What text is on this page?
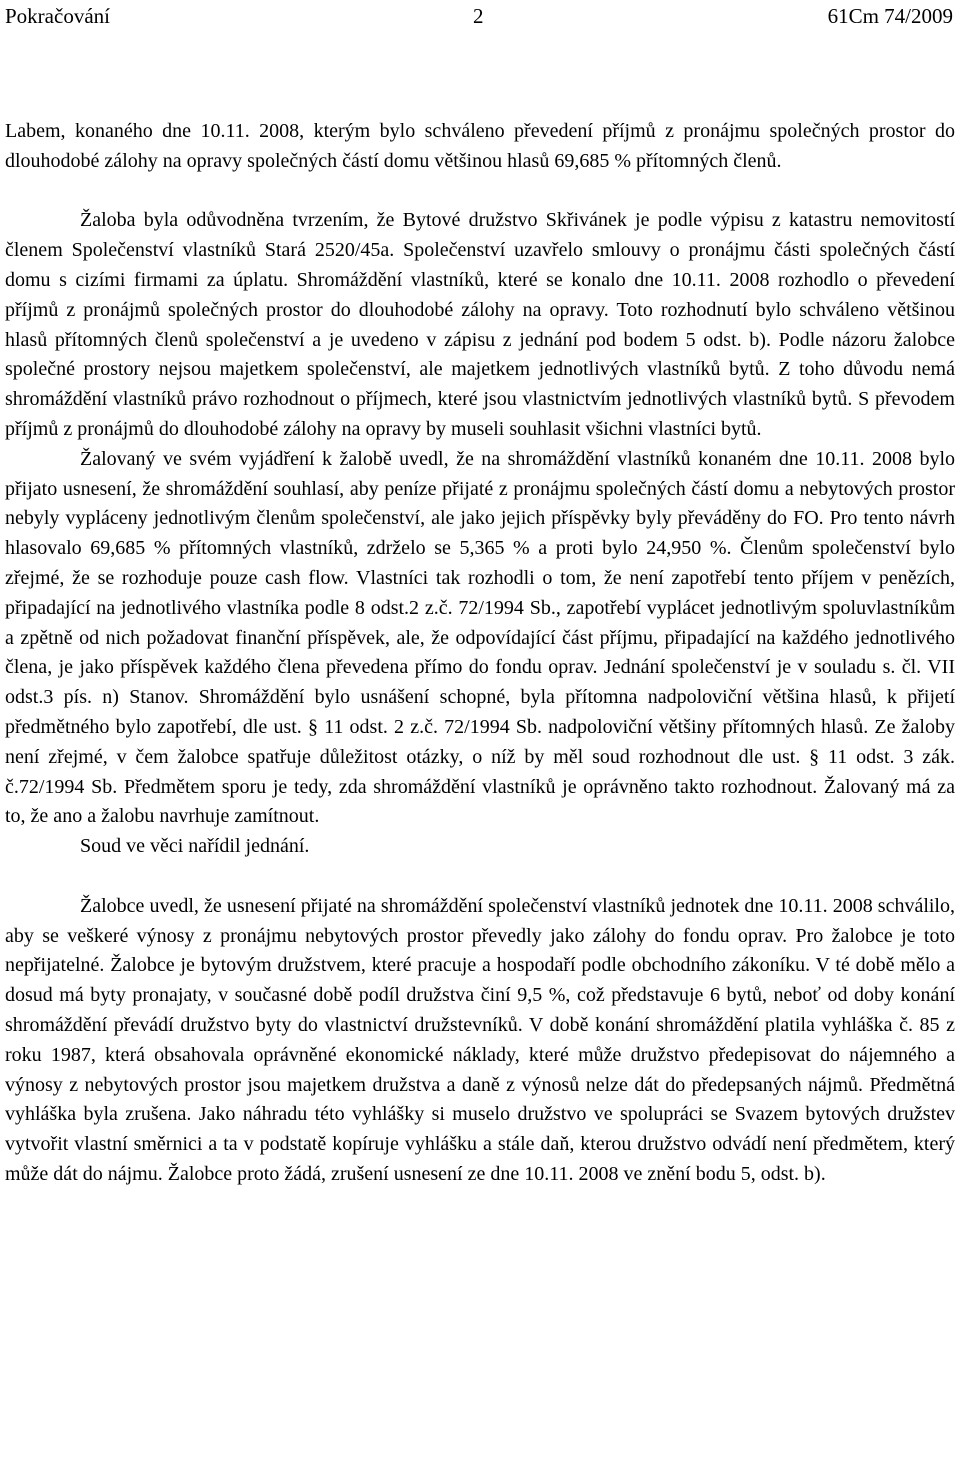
Pokračování	2	61Cm 74/2009

Labem, konaného dne 10.11. 2008, kterým bylo schváleno převedení příjmů z pronájmu společných prostor do dlouhodobé zálohy na opravy společných částí domu většinou hlasů 69,685 % přítomných členů.

Žaloba byla odůvodněna tvrzením, že Bytové družstvo Skřivánek je podle výpisu z katastru nemovitostí členem Společenství vlastníků Stará 2520/45a. Společenství uzavřelo smlouvy o pronájmu části společných částí domu s cizími firmami za úplatu. Shromáždění vlastníků, které se konalo dne 10.11. 2008 rozhodlo o převedení příjmů z pronájmů společných prostor do dlouhodobé zálohy na opravy. Toto rozhodnutí bylo schváleno většinou hlasů přítomných členů společenství a je uvedeno v zápisu z jednání pod bodem 5 odst. b). Podle názoru žalobce společné prostory nejsou majetkem společenství, ale majetkem jednotlivých vlastníků bytů. Z toho důvodu nemá shromáždění vlastníků právo rozhodnout o příjmech, které jsou vlastnictvím jednotlivých vlastníků bytů. S převodem příjmů z pronájmů do dlouhodobé zálohy na opravy by museli souhlasit všichni vlastníci bytů.

Žalovaný ve svém vyjádření k žalobě uvedl, že na shromáždění vlastníků konaném dne 10.11. 2008 bylo přijato usnesení, že shromáždění souhlasí, aby peníze přijaté z pronájmu společných částí domu a nebytových prostor nebyly vypláceny jednotlivým členům společenství, ale jako jejich příspěvky byly převáděny do FO. Pro tento návrh hlasovalo 69,685 % přítomných vlastníků, zdrželo se 5,365 % a proti bylo 24,950 %. Členům společenství bylo zřejmé, že se rozhoduje pouze cash flow. Vlastníci tak rozhodli o tom, že není zapotřebí tento příjem v penězích, připadající na jednotlivého vlastníka podle 8 odst.2 z.č. 72/1994 Sb., zapotřebí vyplácet jednotlivým spoluvlastníkům a zpětně od nich požadovat finanční příspěvek, ale, že odpovídající část příjmu, připadající na každého jednotlivého člena, je jako příspěvek každého člena převedena přímo do fondu oprav. Jednání společenství je v souladu s. čl. VII odst.3 pís. n) Stanov. Shromáždění bylo usnášení schopné, byla přítomna nadpoloviční většina hlasů, k přijetí předmětného bylo zapotřebí, dle ust. § 11 odst. 2 z.č. 72/1994 Sb. nadpoloviční většiny přítomných hlasů. Ze žaloby není zřejmé, v čem žalobce spatřuje důležitost otázky, o níž by měl soud rozhodnout dle ust. § 11 odst. 3 zák. č.72/1994 Sb. Předmětem sporu je tedy, zda shromáždění vlastníků je oprávněno takto rozhodnout. Žalovaný má za to, že ano a žalobu navrhuje zamítnout.

Soud ve věci nařídil jednání.

Žalobce uvedl, že usnesení přijaté na shromáždění společenství vlastníků jednotek dne 10.11. 2008 schválilo, aby se veškeré výnosy z pronájmu nebytových prostor převedly jako zálohy do fondu oprav. Pro žalobce je toto nepřijatelné. Žalobce je bytovým družstvem, které pracuje a hospodaří podle obchodního zákoníku. V té době mělo a dosud má byty pronajaty, v současné době podíl družstva činí 9,5 %, což představuje 6 bytů, neboť od doby konání shromáždění převádí družstvo byty do vlastnictví družstevníků. V době konání shromáždění platila vyhláška č. 85 z roku 1987, která obsahovala oprávněné ekonomické náklady, které může družstvo předepisovat do nájemného a výnosy z nebytových prostor jsou majetkem družstva a daně z výnosů nelze dát do předepsaných nájmů. Předmětná vyhláška byla zrušena. Jako náhradu této vyhlášky si muselo družstvo ve spolupráci se Svazem bytových družstev vytvořit vlastní směrnici a ta v podstatě kopíruje vyhlášku a stále daň, kterou družstvo odvádí není předmětem, který může dát do nájmu. Žalobce proto žádá, zrušení usnesení ze dne 10.11. 2008 ve znění bodu 5, odst. b).
